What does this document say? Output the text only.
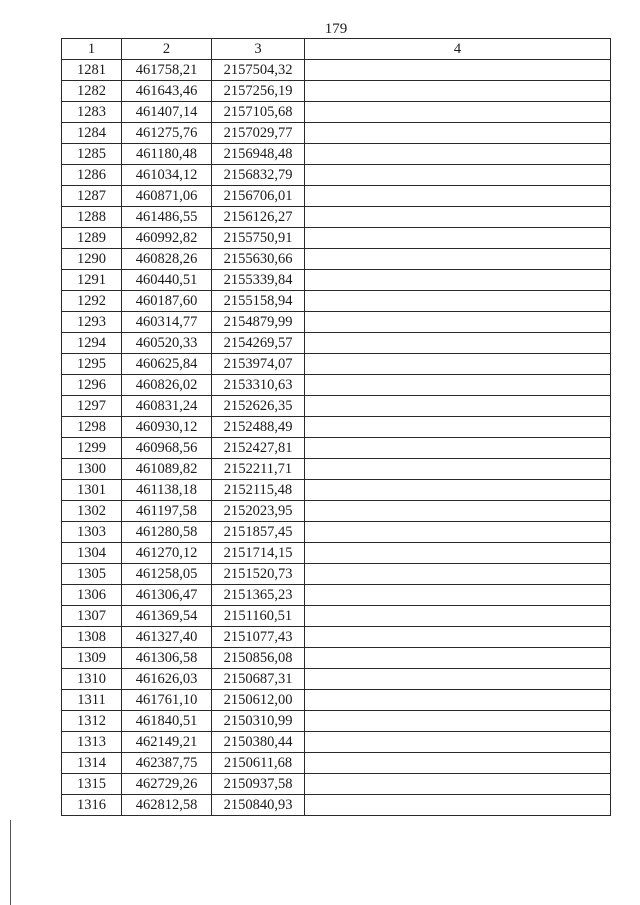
179
1	2	3	4
1281	461758,21	2157504,32	
1282	461643,46	2157256,19	
1283	461407,14	2157105,68	
1284	461275,76	2157029,77	
1285	461180,48	2156948,48	
1286	461034,12	2156832,79	
1287	460871,06	2156706,01	
1288	461486,55	2156126,27	
1289	460992,82	2155750,91	
1290	460828,26	2155630,66	
1291	460440,51	2155339,84	
1292	460187,60	2155158,94	
1293	460314,77	2154879,99	
1294	460520,33	2154269,57	
1295	460625,84	2153974,07	
1296	460826,02	2153310,63	
1297	460831,24	2152626,35	
1298	460930,12	2152488,49	
1299	460968,56	2152427,81	
1300	461089,82	2152211,71	
1301	461138,18	2152115,48	
1302	461197,58	2152023,95	
1303	461280,58	2151857,45	
1304	461270,12	2151714,15	
1305	461258,05	2151520,73	
1306	461306,47	2151365,23	
1307	461369,54	2151160,51	
1308	461327,40	2151077,43	
1309	461306,58	2150856,08	
1310	461626,03	2150687,31	
1311	461761,10	2150612,00	
1312	461840,51	2150310,99	
1313	462149,21	2150380,44	
1314	462387,75	2150611,68	
1315	462729,26	2150937,58	
1316	462812,58	2150840,93	
